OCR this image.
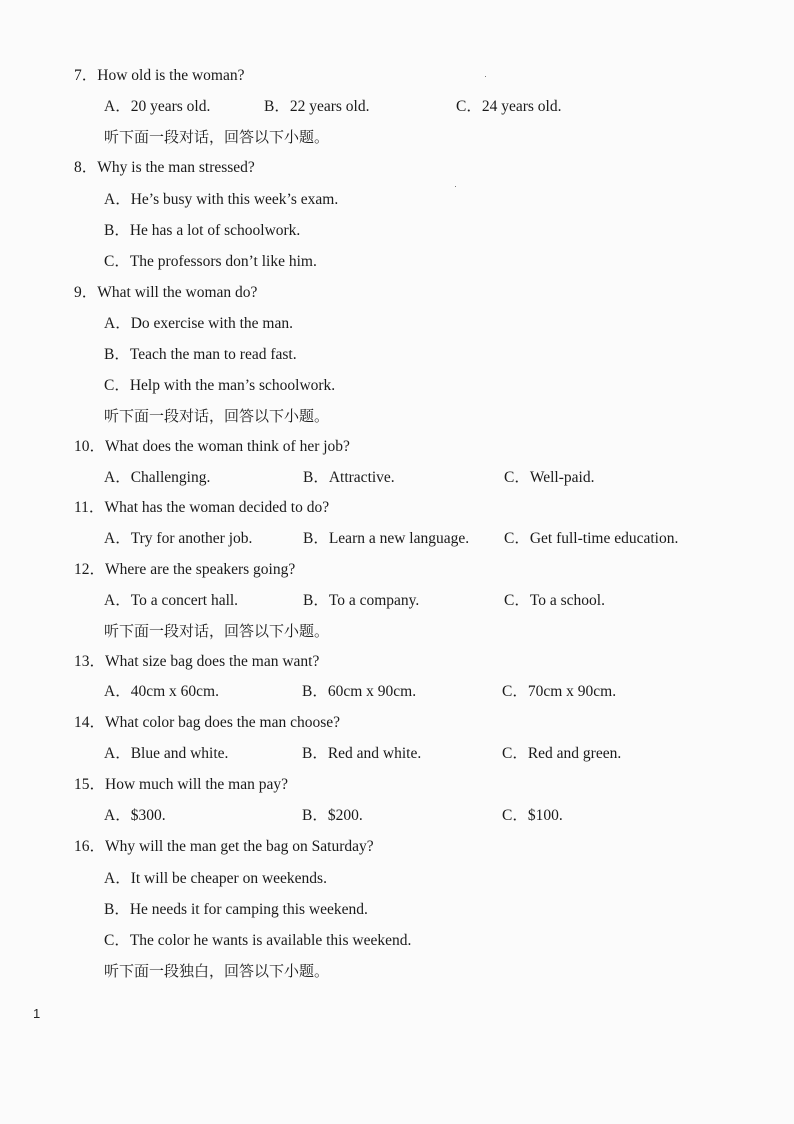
7．How old is the woman?
A．20 years old.	B．22 years old.	C．24 years old.
听下面一段对话，回答以下小题。
8．Why is the man stressed?
A．He’s busy with this week’s exam.
B．He has a lot of schoolwork.
C．The professors don’t like him.
9．What will the woman do?
A．Do exercise with the man.
B．Teach the man to read fast.
C．Help with the man’s schoolwork.
听下面一段对话，回答以下小题。
10．What does the woman think of her job?
A．Challenging.	B．Attractive.	C．Well-paid.
11．What has the woman decided to do?
A．Try for another job.	B．Learn a new language. C．Get full-time education.
12．Where are the speakers going?
A．To a concert hall.	B．To a company.	C．To a school.
听下面一段对话，回答以下小题。
13．What size bag does the man want?
A．40cm x 60cm.	B．60cm x 90cm.	C．70cm x 90cm.
14．What color bag does the man choose?
A．Blue and white.	B．Red and white.	C．Red and green.
15．How much will the man pay?
A．$300.	B．$200.	C．$100.
16．Why will the man get the bag on Saturday?
A．It will be cheaper on weekends.
B．He needs it for camping this weekend.
C．The color he wants is available this weekend.
听下面一段独白，回答以下小题。
1
